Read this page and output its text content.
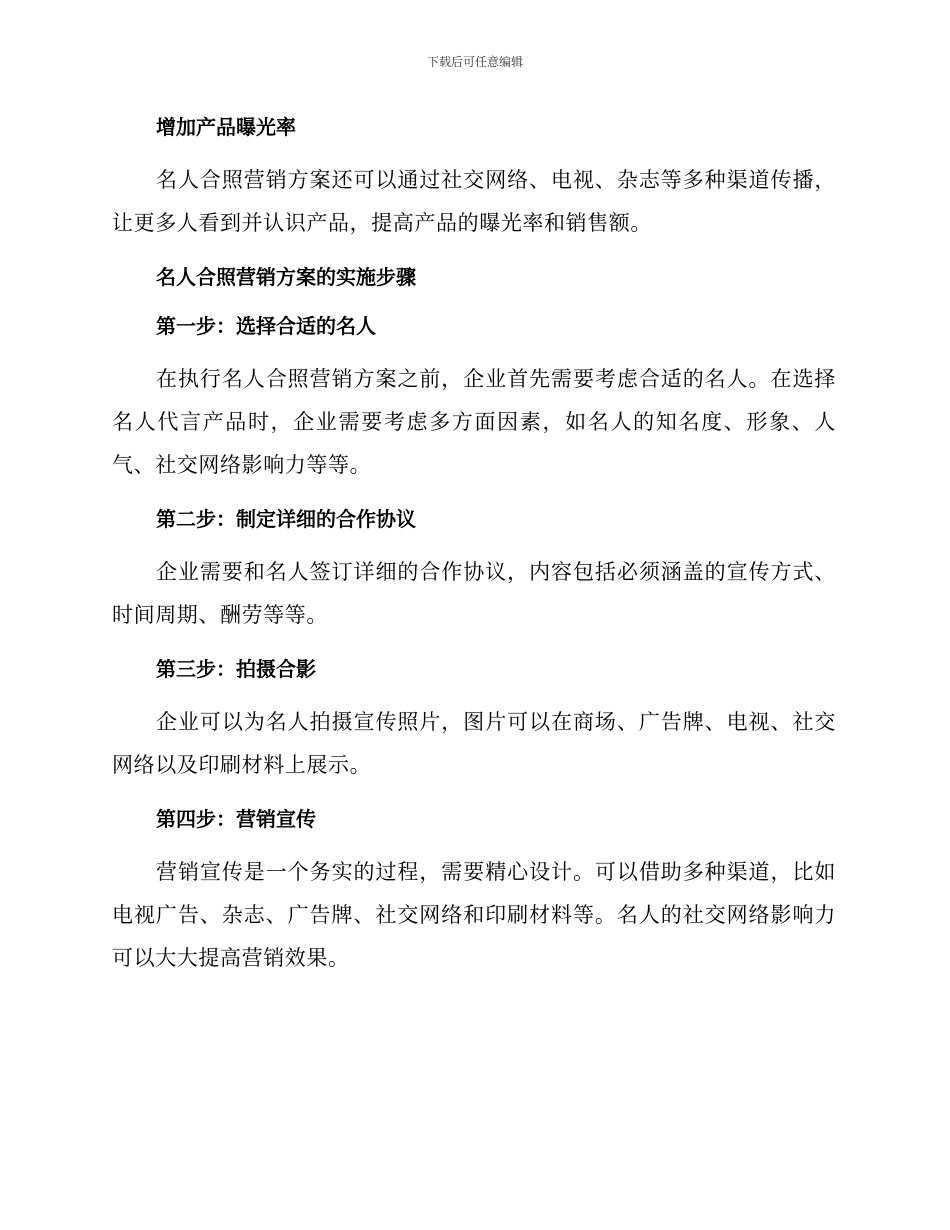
下载后可任意编辑
增加产品曝光率

名人合照营销方案还可以通过社交网络、电视、杂志等多种渠道传播，让更多人看到并认识产品，提高产品的曝光率和销售额。

名人合照营销方案的实施步骤
第一步：选择合适的名人

在执行名人合照营销方案之前，企业首先需要考虑合适的名人。在选择名人代言产品时，企业需要考虑多方面因素，如名人的知名度、形象、人气、社交网络影响力等等。

第二步：制定详细的合作协议

企业需要和名人签订详细的合作协议，内容包括必须涵盖的宣传方式、时间周期、酬劳等等。

第三步：拍摄合影

企业可以为名人拍摄宣传照片，图片可以在商场、广告牌、电视、社交网络以及印刷材料上展示。

第四步：营销宣传

营销宣传是一个务实的过程，需要精心设计。可以借助多种渠道，比如电视广告、杂志、广告牌、社交网络和印刷材料等。名人的社交网络影响力可以大大提高营销效果。
